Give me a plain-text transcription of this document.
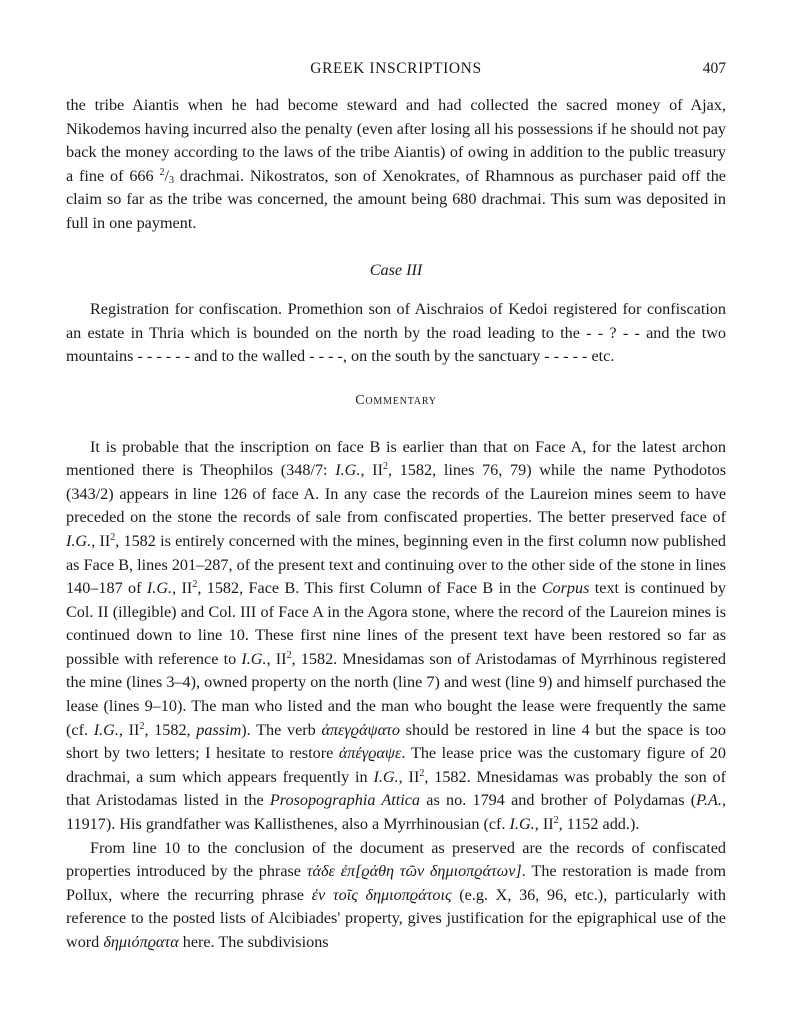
GREEK INSCRIPTIONS	407

the tribe Aiantis when he had become steward and had collected the sacred money of Ajax, Nikodemos having incurred also the penalty (even after losing all his possessions if he should not pay back the money according to the laws of the tribe Aiantis) of owing in addition to the public treasury a fine of 666 $^2/_3$ drachmai. Nikostratos, son of Xenokrates, of Rhamnous as purchaser paid off the claim so far as the tribe was concerned, the amount being 680 drachmai. This sum was deposited in full in one payment.

Case III

Registration for confiscation. Promethion son of Aischraios of Kedoi registered for confiscation an estate in Thria which is bounded on the north by the road leading to the - - ? - - and the two mountains - - - - - - and to the walled - - - -, on the south by the sanctuary - - - - - etc.

Commentary

It is probable that the inscription on face B is earlier than that on Face A, for the latest archon mentioned there is Theophilos (348/7: I.G., $II^2$, 1582, lines 76, 79) while the name Pythodotos (343/2) appears in line 126 of face A. In any case the records of the Laureion mines seem to have preceded on the stone the records of sale from confiscated properties. The better preserved face of I.G., $II^2$, 1582 is entirely concerned with the mines, beginning even in the first column now published as Face B, lines 201–287, of the present text and continuing over to the other side of the stone in lines 140–187 of I.G., $II^2$, 1582, Face B. This first Column of Face B in the Corpus text is continued by Col. II (illegible) and Col. III of Face A in the Agora stone, where the record of the Laureion mines is continued down to line 10. These first nine lines of the present text have been restored so far as possible with reference to I.G., $II^2$, 1582. Mnesidamas son of Aristodamas of Myrrhinous registered the mine (lines 3–4), owned property on the north (line 7) and west (line 9) and himself purchased the lease (lines 9–10). The man who listed and the man who bought the lease were frequently the same (cf. I.G., $II^2$, 1582, passim). The verb ἀπεγϱάψατο should be restored in line 4 but the space is too short by two letters; I hesitate to restore ἀπέγϱαψε. The lease price was the customary figure of 20 drachmai, a sum which appears frequently in I.G., $II^2$, 1582. Mnesidamas was probably the son of that Aristodamas listed in the Prosopographia Attica as no. 1794 and brother of Polydamas (P.A., 11917). His grandfather was Kallisthenes, also a Myrrhinousian (cf. I.G., $II^2$, 1152 add.).

From line 10 to the conclusion of the document as preserved are the records of confiscated properties introduced by the phrase τάδε ἐπ[ϱάθη τῶν δημιοπϱάτων]. The restoration is made from Pollux, where the recurring phrase ἐν τοῖς δημιοπϱάτοις (e.g. X, 36, 96, etc.), particularly with reference to the posted lists of Alcibiades' property, gives justification for the epigraphical use of the word δημιόπϱατα here. The subdivisions
